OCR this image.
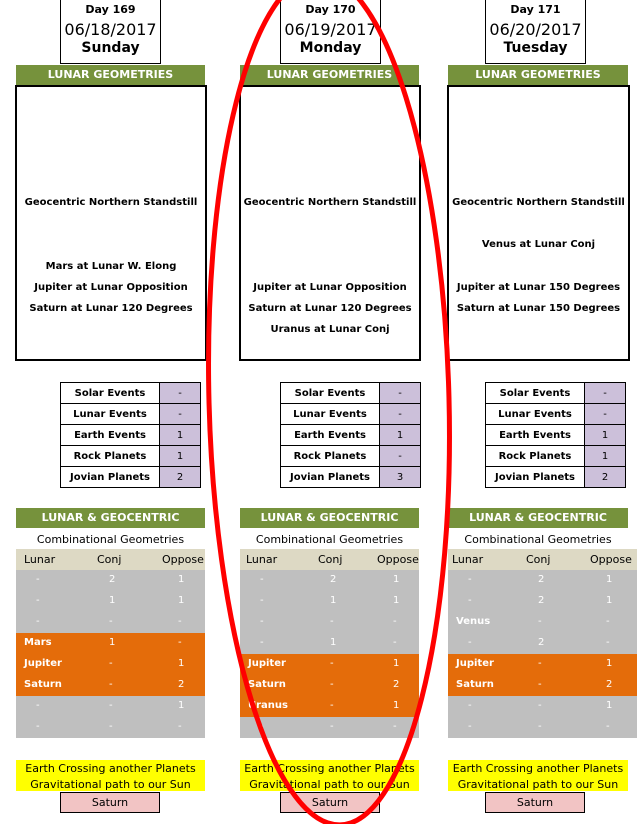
Day 169
06/18/2017
Sunday
LUNAR GEOMETRIES
Geocentric Northern Standstill
Mars at Lunar W. Elong
Jupiter at Lunar Opposition
Saturn at Lunar 120 Degrees
Solar Events	-
Lunar Events	-
Earth Events	1
Rock Planets	1
Jovian Planets	2
LUNAR & GEOCENTRIC
Combinational Geometries
Lunar	Conj	Oppose
-	2	1
-	1	1
-	-	-
Mars	1	-
Jupiter	-	1
Saturn	-	2
-	-	1
-	-	-
Earth Crossing another Planets
Gravitational path to our Sun
Saturn
Day 170
06/19/2017
Monday
LUNAR GEOMETRIES
Geocentric Northern Standstill
Jupiter at Lunar Opposition
Saturn at Lunar 120 Degrees
Uranus at Lunar Conj
Solar Events	-
Lunar Events	-
Earth Events	1
Rock Planets	-
Jovian Planets	3
LUNAR & GEOCENTRIC
Combinational Geometries
Lunar	Conj	Oppose
-	2	1
-	1	1
-	-	-
-	1	-
Jupiter	-	1
Saturn	-	2
Uranus	-	1
-	-	-
Earth Crossing another Planets
Gravitational path to our Sun
Saturn
Day 171
06/20/2017
Tuesday
LUNAR GEOMETRIES
Geocentric Northern Standstill
Venus at Lunar Conj
Jupiter at Lunar 150 Degrees
Saturn at Lunar 150 Degrees
Solar Events	-
Lunar Events	-
Earth Events	1
Rock Planets	1
Jovian Planets	2
LUNAR & GEOCENTRIC
Combinational Geometries
Lunar	Conj	Oppose
-	2	1
-	2	1
Venus	-	-
-	2	-
Jupiter	-	1
Saturn	-	2
-	-	1
-	-	-
Earth Crossing another Planets
Gravitational path to our Sun
Saturn
